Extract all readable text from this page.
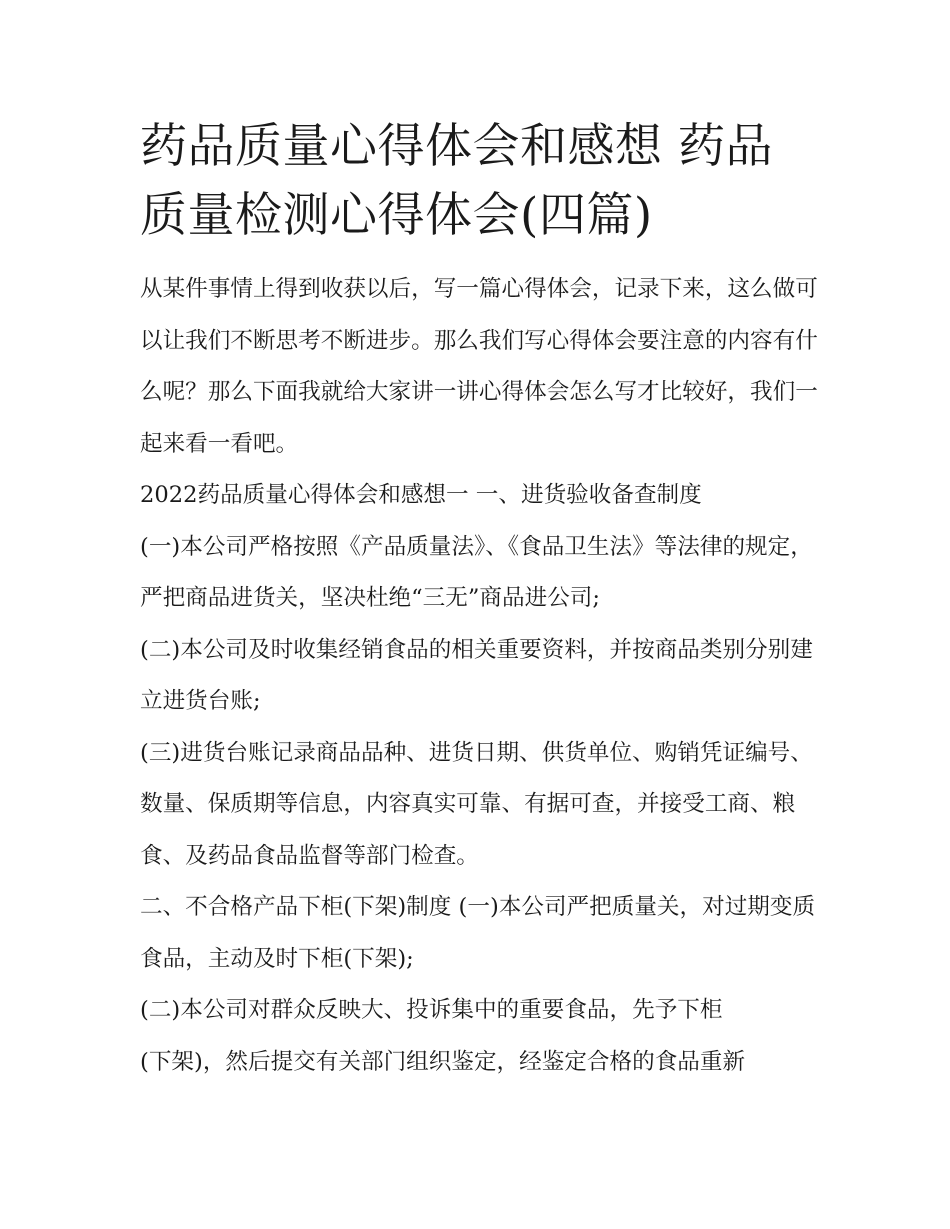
药品质量心得体会和感想 药品质量检测心得体会(四篇)

从某件事情上得到收获以后，写一篇心得体会，记录下来，这么做可以让我们不断思考不断进步。那么我们写心得体会要注意的内容有什么呢？那么下面我就给大家讲一讲心得体会怎么写才比较好，我们一起来看一看吧。

2022药品质量心得体会和感想一 一、进货验收备查制度

(一)本公司严格按照《产品质量法》、《食品卫生法》等法律的规定，严把商品进货关，坚决杜绝“三无”商品进公司;

(二)本公司及时收集经销食品的相关重要资料，并按商品类别分别建立进货台账;

(三)进货台账记录商品品种、进货日期、供货单位、购销凭证编号、数量、保质期等信息，内容真实可靠、有据可查，并接受工商、粮食、及药品食品监督等部门检查。

二、不合格产品下柜(下架)制度 (一)本公司严把质量关，对过期变质食品，主动及时下柜(下架);

(二)本公司对群众反映大、投诉集中的重要食品，先予下柜

(下架)，然后提交有关部门组织鉴定，经鉴定合格的食品重新
